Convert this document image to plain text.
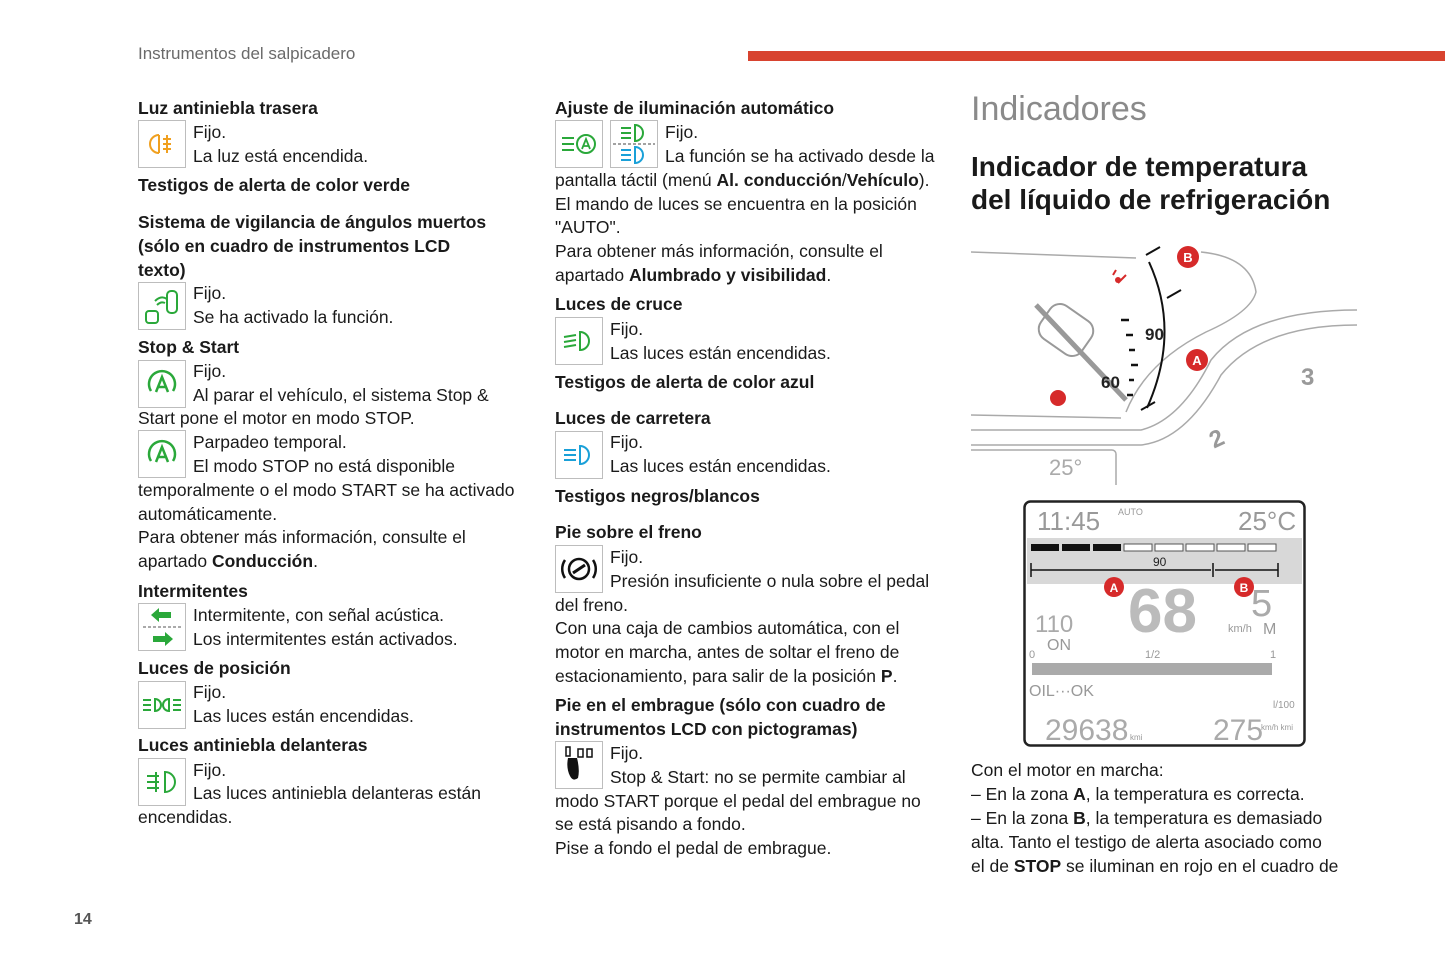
Instrumentos del salpicadero
14
Luz antiniebla trasera
Fijo.
La luz está encendida.
Testigos de alerta de color verde
Sistema de vigilancia de ángulos muertos
(sólo en cuadro de instrumentos LCD
texto)
Fijo.
Se ha activado la función.
Stop & Start
Fijo.
Al parar el vehículo, el sistema Stop &
Start pone el motor en modo STOP.
Parpadeo temporal.
El modo STOP no está disponible
temporalmente o el modo START se ha activado
automáticamente.
Para obtener más información, consulte el
apartado Conducción.
Intermitentes
Intermitente, con señal acústica.
Los intermitentes están activados.
Luces de posición
Fijo.
Las luces están encendidas.
Luces antiniebla delanteras
Fijo.
Las luces antiniebla delanteras están
encendidas.
Ajuste de iluminación automático
Fijo.
La función se ha activado desde la
pantalla táctil (menú Al. conducción/Vehículo).
El mando de luces se encuentra en la posición
"AUTO".
Para obtener más información, consulte el
apartado Alumbrado y visibilidad.
Luces de cruce
Fijo.
Las luces están encendidas.
Testigos de alerta de color azul
Luces de carretera
Fijo.
Las luces están encendidas.
Testigos negros/blancos
Pie sobre el freno
Fijo.
Presión insuficiente o nula sobre el pedal
del freno.
Con una caja de cambios automática, con el
motor en marcha, antes de soltar el freno de
estacionamiento, para salir de la posición P.
Pie en el embrague (sólo con cuadro de
instrumentos LCD con pictogramas)
Fijo.
Stop & Start: no se permite cambiar al
modo START porque el pedal del embrague no
se está pisando a fondo.
Pise a fondo el pedal de embrague.
Indicadores
Indicador de temperatura
del líquido de refrigeración
B
A
90
60	3
2
25°
11:45 AUTO	25°C
90
A	B
68 5
km/h M
110
ON
0	1/2	1
OIL···OK
l/100
29638 kmi 275
km/h kmi
Con el motor en marcha:
– En la zona A, la temperatura es correcta.
– En la zona B, la temperatura es demasiado
alta. Tanto el testigo de alerta asociado como
el de STOP se iluminan en rojo en el cuadro de
